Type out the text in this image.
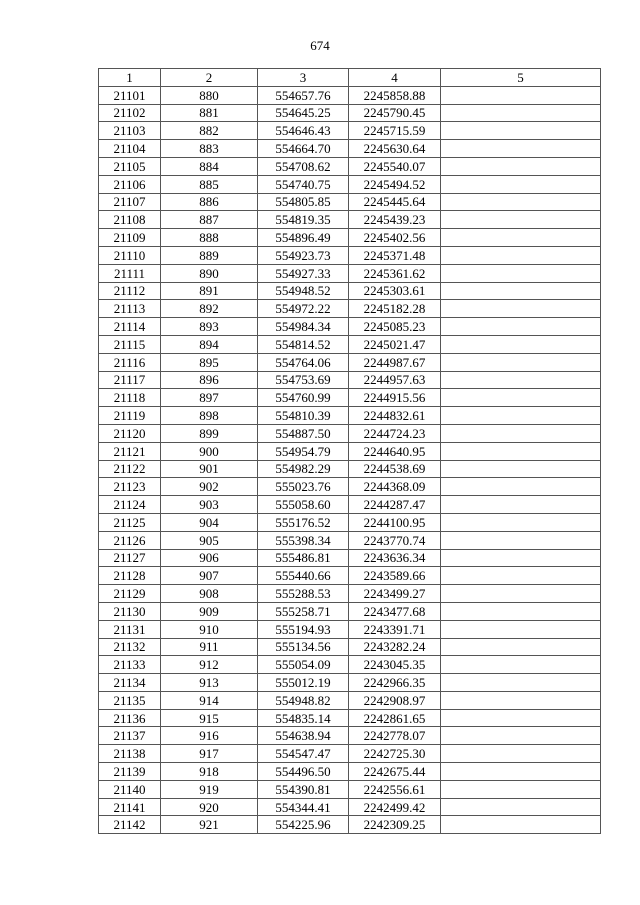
674
1	2	3	4	5
21101	880	554657.76	2245858.88	
21102	881	554645.25	2245790.45	
21103	882	554646.43	2245715.59	
21104	883	554664.70	2245630.64	
21105	884	554708.62	2245540.07	
21106	885	554740.75	2245494.52	
21107	886	554805.85	2245445.64	
21108	887	554819.35	2245439.23	
21109	888	554896.49	2245402.56	
21110	889	554923.73	2245371.48	
21111	890	554927.33	2245361.62	
21112	891	554948.52	2245303.61	
21113	892	554972.22	2245182.28	
21114	893	554984.34	2245085.23	
21115	894	554814.52	2245021.47	
21116	895	554764.06	2244987.67	
21117	896	554753.69	2244957.63	
21118	897	554760.99	2244915.56	
21119	898	554810.39	2244832.61	
21120	899	554887.50	2244724.23	
21121	900	554954.79	2244640.95	
21122	901	554982.29	2244538.69	
21123	902	555023.76	2244368.09	
21124	903	555058.60	2244287.47	
21125	904	555176.52	2244100.95	
21126	905	555398.34	2243770.74	
21127	906	555486.81	2243636.34	
21128	907	555440.66	2243589.66	
21129	908	555288.53	2243499.27	
21130	909	555258.71	2243477.68	
21131	910	555194.93	2243391.71	
21132	911	555134.56	2243282.24	
21133	912	555054.09	2243045.35	
21134	913	555012.19	2242966.35	
21135	914	554948.82	2242908.97	
21136	915	554835.14	2242861.65	
21137	916	554638.94	2242778.07	
21138	917	554547.47	2242725.30	
21139	918	554496.50	2242675.44	
21140	919	554390.81	2242556.61	
21141	920	554344.41	2242499.42	
21142	921	554225.96	2242309.25	
